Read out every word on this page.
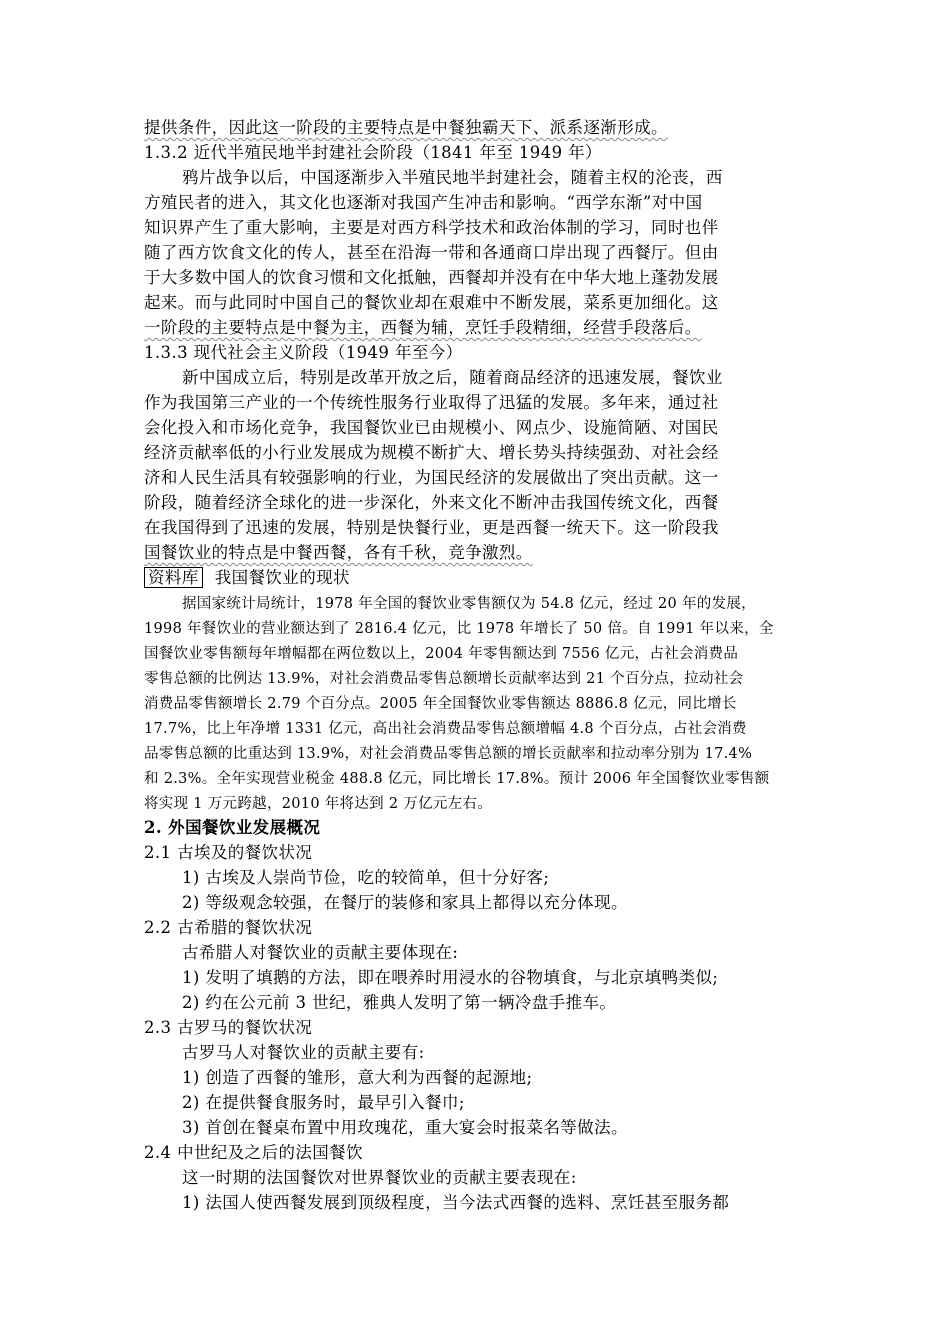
提供条件，因此这一阶段的主要特点是中餐独霸天下、派系逐渐形成。
1.3.2 近代半殖民地半封建社会阶段（1841 年至 1949 年）
鸦片战争以后，中国逐渐步入半殖民地半封建社会，随着主权的沦丧，西
方殖民者的进入，其文化也逐渐对我国产生冲击和影响。“西学东渐”对中国
知识界产生了重大影响，主要是对西方科学技术和政治体制的学习，同时也伴
随了西方饮食文化的传人，甚至在沿海一带和各通商口岸出现了西餐厅。但由
于大多数中国人的饮食习惯和文化抵触，西餐却并没有在中华大地上蓬勃发展
起来。而与此同时中国自己的餐饮业却在艰难中不断发展，菜系更加细化。这
一阶段的主要特点是中餐为主，西餐为辅，烹饪手段精细，经营手段落后。
1.3.3 现代社会主义阶段（1949 年至今）
新中国成立后，特别是改革开放之后，随着商品经济的迅速发展，餐饮业
作为我国第三产业的一个传统性服务行业取得了迅猛的发展。多年来，通过社
会化投入和市场化竞争，我国餐饮业已由规模小、网点少、设施简陋、对国民
经济贡献率低的小行业发展成为规模不断扩大、增长势头持续强劲、对社会经
济和人民生活具有较强影响的行业，为国民经济的发展做出了突出贡献。这一
阶段，随着经济全球化的进一步深化，外来文化不断冲击我国传统文化，西餐
在我国得到了迅速的发展，特别是快餐行业，更是西餐一统天下。这一阶段我
国餐饮业的特点是中餐西餐，各有千秋，竞争激烈。
资料库 我国餐饮业的现状
据国家统计局统计，1978 年全国的餐饮业零售额仅为 54.8 亿元，经过 20 年的发展，
1998 年餐饮业的营业额达到了 2816.4 亿元，比 1978 年增长了 50 倍。自 1991 年以来，全
国餐饮业零售额每年增幅都在两位数以上，2004 年零售额达到 7556 亿元，占社会消费品
零售总额的比例达 13.9%，对社会消费品零售总额增长贡献率达到 21 个百分点，拉动社会
消费品零售额增长 2.79 个百分点。2005 年全国餐饮业零售额达 8886.8 亿元，同比增长
17.7%，比上年净增 1331 亿元，高出社会消费品零售总额增幅 4.8 个百分点，占社会消费
品零售总额的比重达到 13.9%，对社会消费品零售总额的增长贡献率和拉动率分别为 17.4%
和 2.3%。全年实现营业税金 488.8 亿元，同比增长 17.8%。预计 2006 年全国餐饮业零售额
将实现 1 万元跨越，2010 年将达到 2 万亿元左右。
2. 外国餐饮业发展概况
2.1 古埃及的餐饮状况
1) 古埃及人崇尚节俭，吃的较简单，但十分好客;
2) 等级观念较强，在餐厅的装修和家具上都得以充分体现。
2.2 古希腊的餐饮状况
古希腊人对餐饮业的贡献主要体现在:
1) 发明了填鹅的方法，即在喂养时用浸水的谷物填食，与北京填鸭类似;
2) 约在公元前 3 世纪，雅典人发明了第一辆冷盘手推车。
2.3 古罗马的餐饮状况
古罗马人对餐饮业的贡献主要有:
1) 创造了西餐的雏形，意大利为西餐的起源地;
2) 在提供餐食服务时，最早引入餐巾;
3) 首创在餐桌布置中用玫瑰花，重大宴会时报菜名等做法。
2.4 中世纪及之后的法国餐饮
这一时期的法国餐饮对世界餐饮业的贡献主要表现在:
1) 法国人使西餐发展到顶级程度，当今法式西餐的选料、烹饪甚至服务都
